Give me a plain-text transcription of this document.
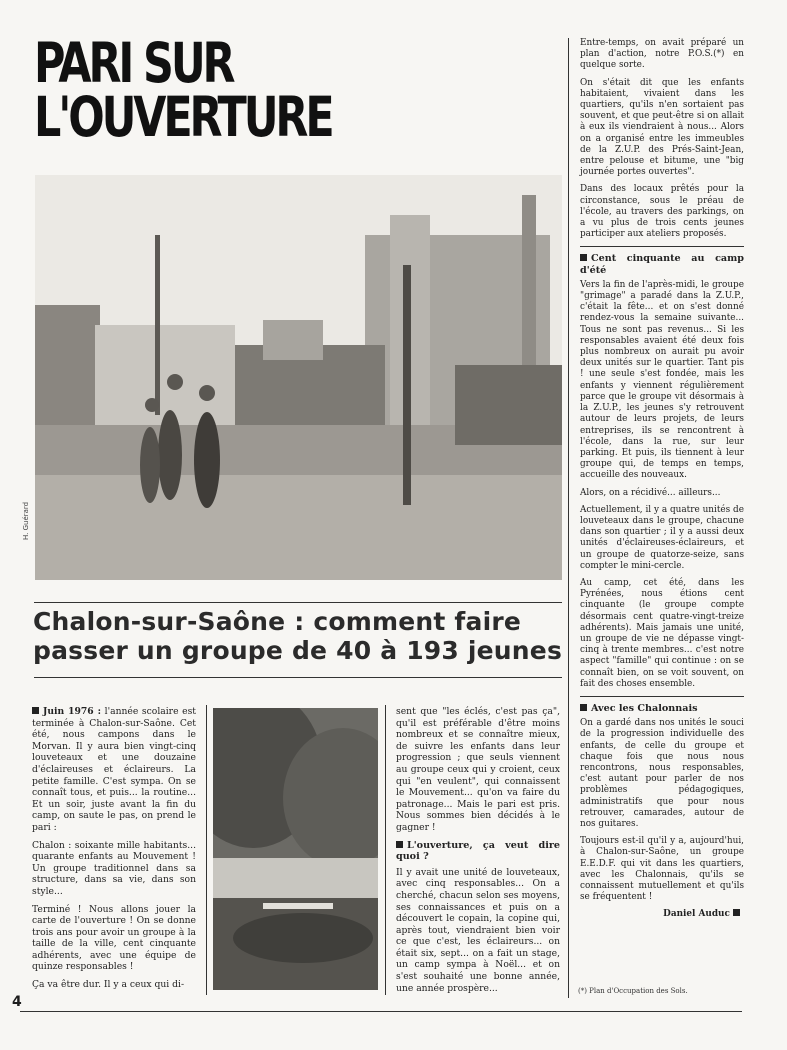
PARI SUR
L'OUVERTURE
H. Guérard
Chalon-sur-Saône : comment faire passer un groupe de 40 à 193 jeunes

Juin 1976 : l'année scolaire est terminée à Chalon-sur-Saône. Cet été, nous campons dans le Morvan. Il y aura bien vingt-cinq louveteaux et une douzaine d'éclaireuses et éclaireurs. La petite famille. C'est sympa. On se connaît tous, et puis... la routine... Et un soir, juste avant la fin du camp, on saute le pas, on prend le pari :

Chalon : soixante mille habitants... quarante enfants au Mouvement ! Un groupe traditionnel dans sa structure, dans sa vie, dans son style...

Terminé ! Nous allons jouer la carte de l'ouverture ! On se donne trois ans pour avoir un groupe à la taille de la ville, cent cinquante adhérents, avec une équipe de quinze responsables !

Ça va être dur. Il y a ceux qui di-

sent que "les éclés, c'est pas ça", qu'il est préférable d'être moins nombreux et se connaître mieux, de suivre les enfants dans leur progression ; que seuls viennent au groupe ceux qui y croient, ceux qui "en veulent", qui connaissent le Mouvement... qu'on va faire du patronage... Mais le pari est pris. Nous sommes bien décidés à le gagner !

L'ouverture, ça veut dire quoi ?

Il y avait une unité de louveteaux, avec cinq responsables... On a cherché, chacun selon ses moyens, ses connaissances et puis on a découvert le copain, la copine qui, après tout, viendraient bien voir ce que c'est, les éclaireurs... on était six, sept... on a fait un stage, un camp sympa à Noël... et on s'est souhaité une bonne année, une année prospère...

Entre-temps, on avait préparé un plan d'action, notre P.O.S.(*) en quelque sorte.

On s'était dit que les enfants habitaient, vivaient dans les quartiers, qu'ils n'en sortaient pas souvent, et que peut-être si on allait à eux ils viendraient à nous... Alors on a organisé entre les immeubles de la Z.U.P. des Prés-Saint-Jean, entre pelouse et bitume, une "big journée portes ouvertes".

Dans des locaux prêtés pour la circonstance, sous le préau de l'école, au travers des parkings, on a vu plus de trois cents jeunes participer aux ateliers proposés.

Cent cinquante au camp d'été

Vers la fin de l'après-midi, le groupe "grimage" a paradé dans la Z.U.P., c'était la fête... et on s'est donné rendez-vous la semaine suivante... Tous ne sont pas revenus... Si les responsables avaient été deux fois plus nombreux on aurait pu avoir deux unités sur le quartier. Tant pis ! une seule s'est fondée, mais les enfants y viennent régulièrement parce que le groupe vit désormais à la Z.U.P., les jeunes s'y retrouvent autour de leurs projets, de leurs entreprises, ils se rencontrent à l'école, dans la rue, sur leur parking. Et puis, ils tiennent à leur groupe qui, de temps en temps, accueille des nouveaux.

Alors, on a récidivé... ailleurs...

Actuellement, il y a quatre unités de louveteaux dans le groupe, chacune dans son quartier ; il y a aussi deux unités d'éclaireuses-éclaireurs, et un groupe de quatorze-seize, sans compter le mini-cercle.

Au camp, cet été, dans les Pyrénées, nous étions cent cinquante (le groupe compte désormais cent quatre-vingt-treize adhérents). Mais jamais une unité, un groupe de vie ne dépasse vingt-cinq à trente membres... c'est notre aspect "famille" qui continue : on se connaît bien, on se voit souvent, on fait des choses ensemble.

Avec les Chalonnais

On a gardé dans nos unités le souci de la progression individuelle des enfants, de celle du groupe et chaque fois que nous nous rencontrons, nous responsables, c'est autant pour parler de nos problèmes pédagogiques, administratifs que pour nous retrouver, camarades, autour de nos guitares.

Toujours est-il qu'il y a, aujourd'hui, à Chalon-sur-Saône, un groupe E.E.D.F. qui vit dans les quartiers, avec les Chalonnais, qu'ils se connaissent mutuellement et qu'ils se fréquentent !

Daniel Auduc
(*) Plan d'Occupation des Sols.
4
